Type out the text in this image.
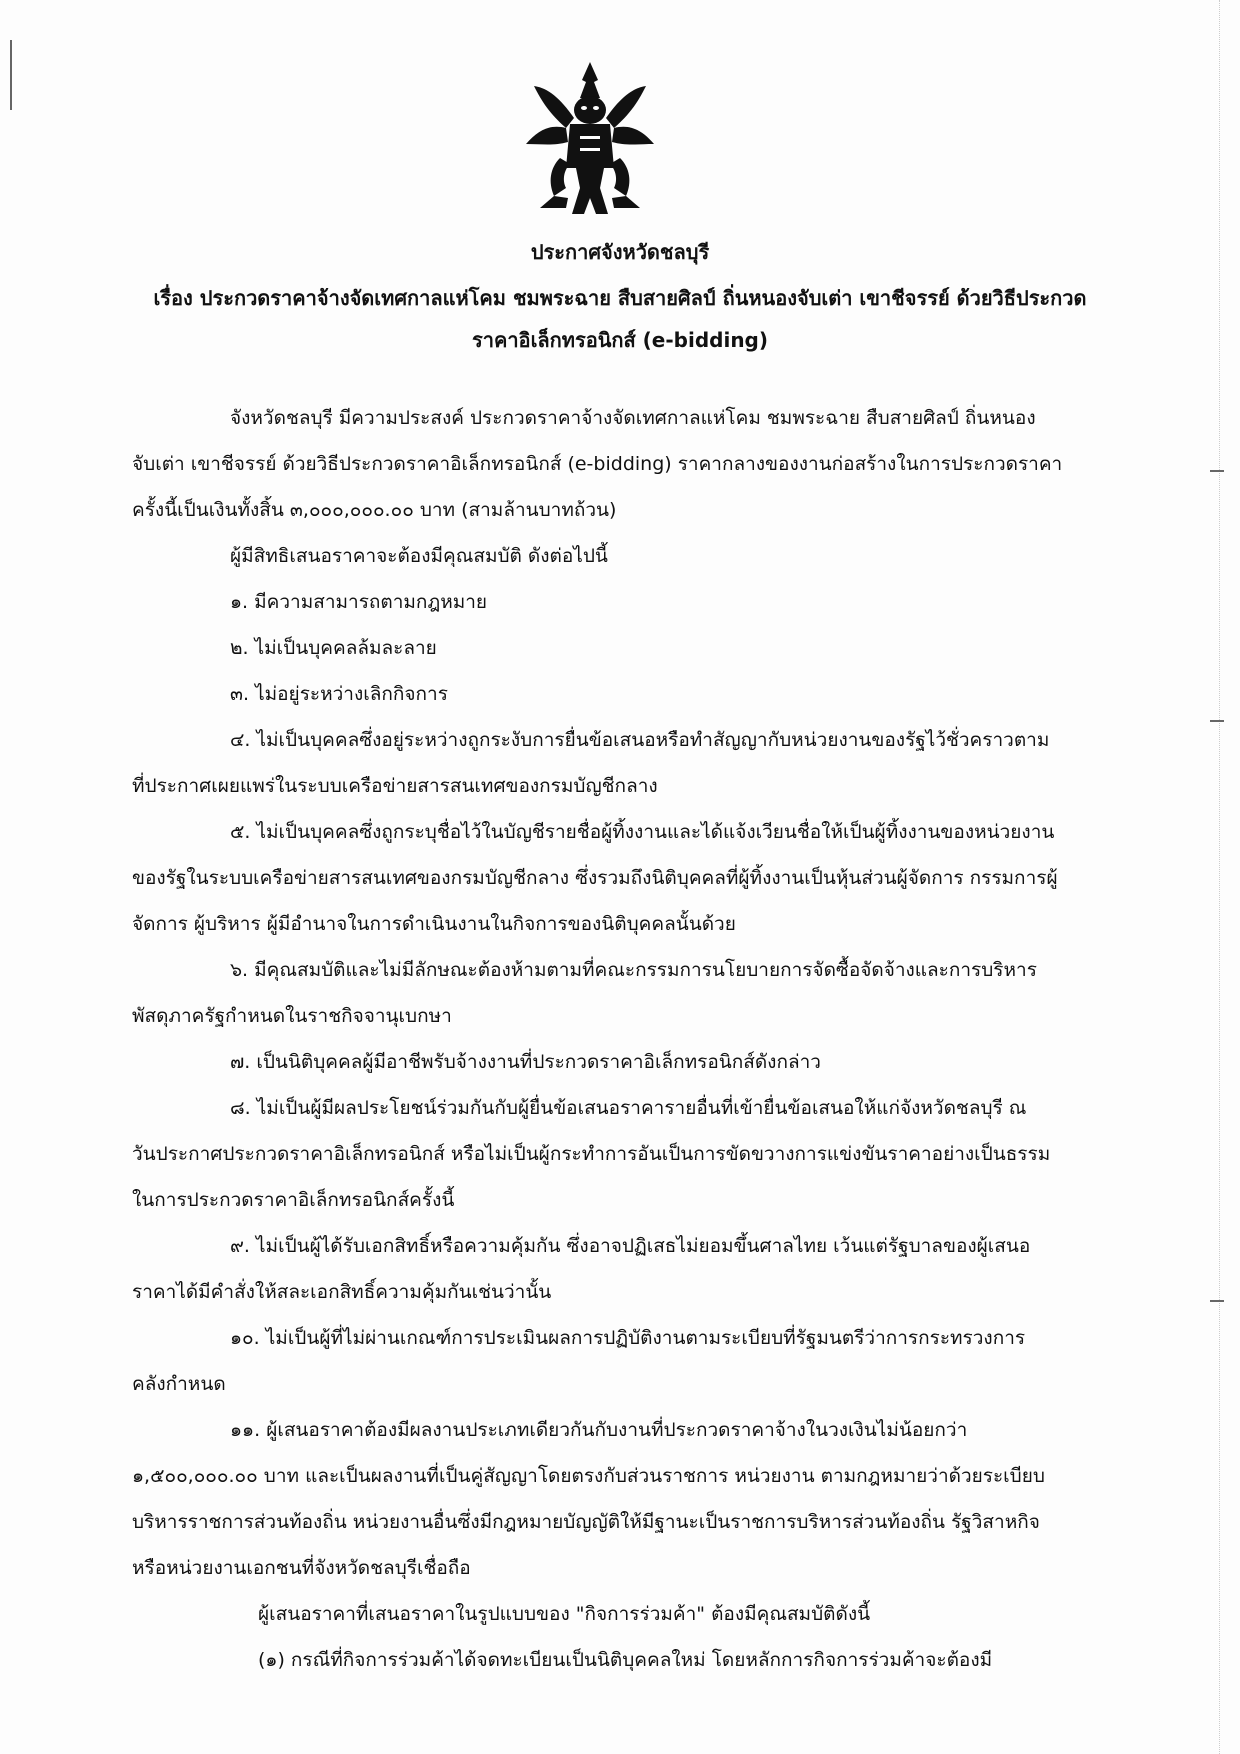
ประกาศจังหวัดชลบุรี
เรื่อง ประกวดราคาจ้างจัดเทศกาลแห่โคม ชมพระฉาย สืบสายศิลป์ ถิ่นหนองจับเต่า เขาชีจรรย์ ด้วยวิธีประกวด
ราคาอิเล็กทรอนิกส์ (e-bidding)

จังหวัดชลบุรี มีความประสงค์ ประกวดราคาจ้างจัดเทศกาลแห่โคม ชมพระฉาย สืบสายศิลป์ ถิ่นหนอง

จับเต่า เขาชีจรรย์ ด้วยวิธีประกวดราคาอิเล็กทรอนิกส์ (e-bidding) ราคากลางของงานก่อสร้างในการประกวดราคา

ครั้งนี้เป็นเงินทั้งสิ้น ๓,๐๐๐,๐๐๐.๐๐ บาท (สามล้านบาทถ้วน)

ผู้มีสิทธิเสนอราคาจะต้องมีคุณสมบัติ ดังต่อไปนี้

๑. มีความสามารถตามกฎหมาย

๒. ไม่เป็นบุคคลล้มละลาย

๓. ไม่อยู่ระหว่างเลิกกิจการ

๔. ไม่เป็นบุคคลซึ่งอยู่ระหว่างถูกระงับการยื่นข้อเสนอหรือทำสัญญากับหน่วยงานของรัฐไว้ชั่วคราวตาม

ที่ประกาศเผยแพร่ในระบบเครือข่ายสารสนเทศของกรมบัญชีกลาง

๕. ไม่เป็นบุคคลซึ่งถูกระบุชื่อไว้ในบัญชีรายชื่อผู้ทิ้งงานและได้แจ้งเวียนชื่อให้เป็นผู้ทิ้งงานของหน่วยงาน

ของรัฐในระบบเครือข่ายสารสนเทศของกรมบัญชีกลาง ซึ่งรวมถึงนิติบุคคลที่ผู้ทิ้งงานเป็นหุ้นส่วนผู้จัดการ กรรมการผู้

จัดการ ผู้บริหาร ผู้มีอำนาจในการดำเนินงานในกิจการของนิติบุคคลนั้นด้วย

๖. มีคุณสมบัติและไม่มีลักษณะต้องห้ามตามที่คณะกรรมการนโยบายการจัดซื้อจัดจ้างและการบริหาร

พัสดุภาครัฐกำหนดในราชกิจจานุเบกษา

๗. เป็นนิติบุคคลผู้มีอาชีพรับจ้างงานที่ประกวดราคาอิเล็กทรอนิกส์ดังกล่าว

๘. ไม่เป็นผู้มีผลประโยชน์ร่วมกันกับผู้ยื่นข้อเสนอราคารายอื่นที่เข้ายื่นข้อเสนอให้แก่จังหวัดชลบุรี ณ

วันประกาศประกวดราคาอิเล็กทรอนิกส์ หรือไม่เป็นผู้กระทำการอันเป็นการขัดขวางการแข่งขันราคาอย่างเป็นธรรม

ในการประกวดราคาอิเล็กทรอนิกส์ครั้งนี้

๙. ไม่เป็นผู้ได้รับเอกสิทธิ์หรือความคุ้มกัน ซึ่งอาจปฏิเสธไม่ยอมขึ้นศาลไทย เว้นแต่รัฐบาลของผู้เสนอ

ราคาได้มีคำสั่งให้สละเอกสิทธิ์ความคุ้มกันเช่นว่านั้น

๑๐. ไม่เป็นผู้ที่ไม่ผ่านเกณฑ์การประเมินผลการปฏิบัติงานตามระเบียบที่รัฐมนตรีว่าการกระทรวงการ

คลังกำหนด

๑๑. ผู้เสนอราคาต้องมีผลงานประเภทเดียวกันกับงานที่ประกวดราคาจ้างในวงเงินไม่น้อยกว่า

๑,๕๐๐,๐๐๐.๐๐ บาท และเป็นผลงานที่เป็นคู่สัญญาโดยตรงกับส่วนราชการ หน่วยงาน ตามกฎหมายว่าด้วยระเบียบ

บริหารราชการส่วนท้องถิ่น หน่วยงานอื่นซึ่งมีกฎหมายบัญญัติให้มีฐานะเป็นราชการบริหารส่วนท้องถิ่น รัฐวิสาหกิจ

หรือหน่วยงานเอกชนที่จังหวัดชลบุรีเชื่อถือ

ผู้เสนอราคาที่เสนอราคาในรูปแบบของ "กิจการร่วมค้า" ต้องมีคุณสมบัติดังนี้

(๑) กรณีที่กิจการร่วมค้าได้จดทะเบียนเป็นนิติบุคคลใหม่ โดยหลักการกิจการร่วมค้าจะต้องมี
